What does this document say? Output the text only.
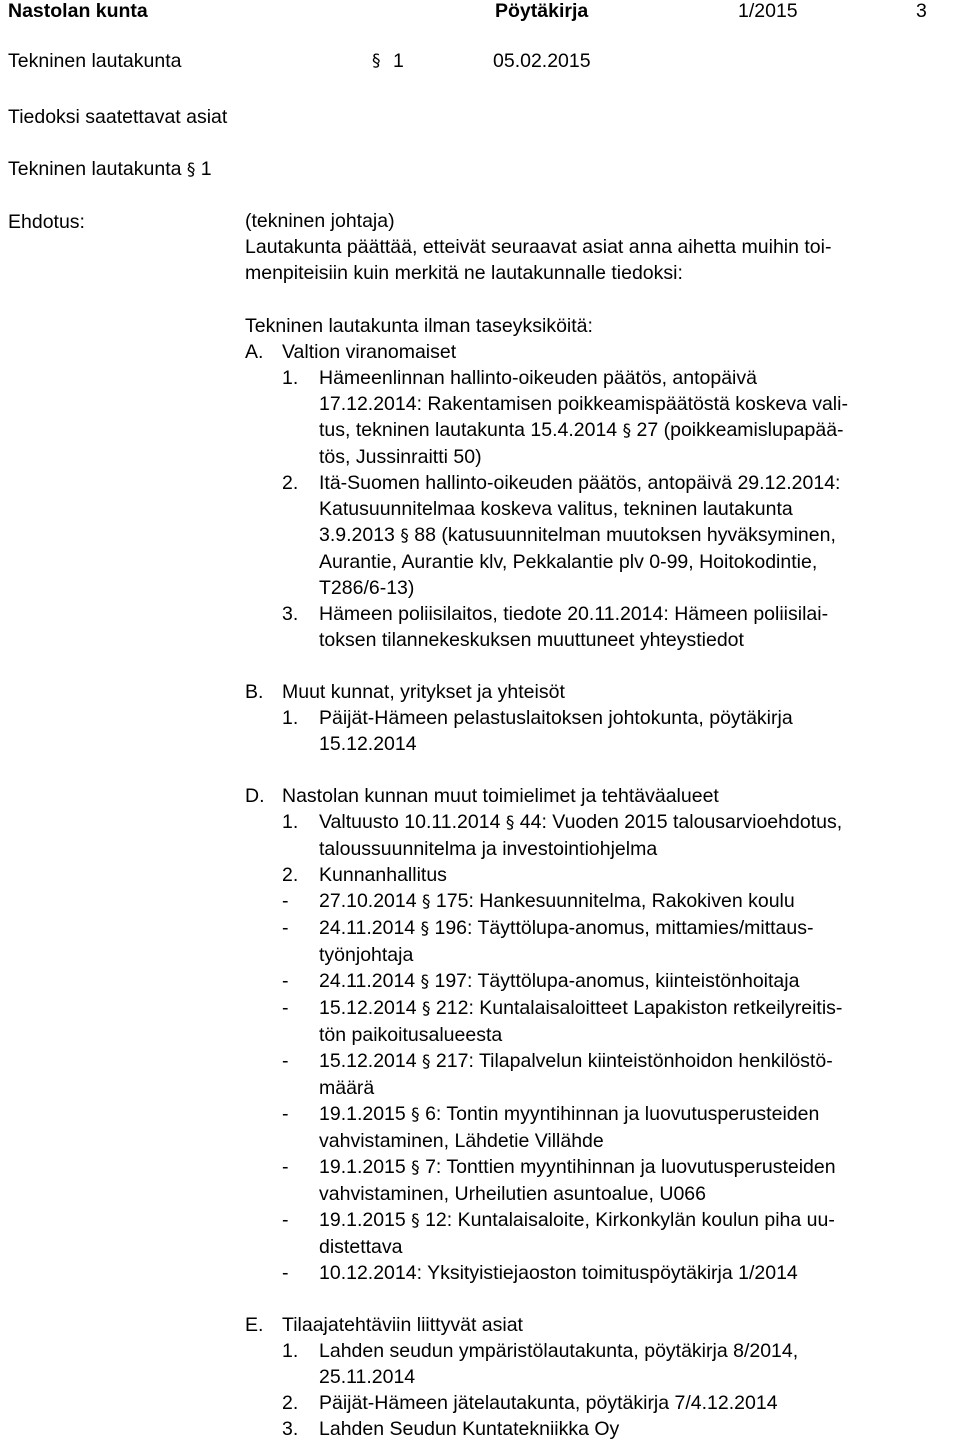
Nastolan kunta	Pöytäkirja	1/2015	3
Tekninen lautakunta	§ 1	05.02.2015
Tiedoksi saatettavat asiat
Tekninen lautakunta § 1
Ehdotus:	(tekninen johtaja)
Lautakunta päättää, etteivät seuraavat asiat anna aihetta muihin toi-
menpiteisiin kuin merkitä ne lautakunnalle tiedoksi:
Tekninen lautakunta ilman taseyksiköitä:
A. Valtion viranomaiset
1.	Hämeenlinnan hallinto-oikeuden päätös, antopäivä
17.12.2014: Rakentamisen poikkeamispäätöstä koskeva vali-
tus, tekninen lautakunta 15.4.2014 § 27 (poikkeamislupapää-
tös, Jussinraitti 50)
2.	Itä-Suomen hallinto-oikeuden päätös, antopäivä 29.12.2014:
Katusuunnitelmaa koskeva valitus, tekninen lautakunta
3.9.2013 § 88 (katusuunnitelman muutoksen hyväksyminen,
Aurantie, Aurantie klv, Pekkalantie plv 0-99, Hoitokodintie,
T286/6-13)
3.	Hämeen poliisilaitos, tiedote 20.11.2014: Hämeen poliisilai-
toksen tilannekeskuksen muuttuneet yhteystiedot
B. Muut kunnat, yritykset ja yhteisöt
1.	Päijät-Hämeen pelastuslaitoksen johtokunta, pöytäkirja
15.12.2014
D. Nastolan kunnan muut toimielimet ja tehtäväalueet
1.	Valtuusto 10.11.2014 § 44: Vuoden 2015 talousarvioehdotus,
taloussuunnitelma ja investointiohjelma
2.	Kunnanhallitus
-	27.10.2014 § 175: Hankesuunnitelma, Rakokiven koulu
-	24.11.2014 § 196: Täyttölupa-anomus, mittamies/mittaus-
työnjohtaja
-	24.11.2014 § 197: Täyttölupa-anomus, kiinteistönhoitaja
-	15.12.2014 § 212: Kuntalaisaloitteet Lapakiston retkeilyreitis-
tön paikoitusalueesta
-	15.12.2014 § 217: Tilapalvelun kiinteistönhoidon henkilöstö-
määrä
-	19.1.2015 § 6: Tontin myyntihinnan ja luovutusperusteiden
vahvistaminen, Lähdetie Villähde
-	19.1.2015 § 7: Tonttien myyntihinnan ja luovutusperusteiden
vahvistaminen, Urheilutien asuntoalue, U066
-	19.1.2015 § 12: Kuntalaisaloite, Kirkonkylän koulun piha uu-
distettava
-	10.12.2014: Yksityistiejaoston toimituspöytäkirja 1/2014
E. Tilaajatehtäviin liittyvät asiat
1.	Lahden seudun ympäristölautakunta, pöytäkirja 8/2014,
25.11.2014
2.	Päijät-Hämeen jätelautakunta, pöytäkirja 7/4.12.2014
3.	Lahden Seudun Kuntatekniikka Oy
